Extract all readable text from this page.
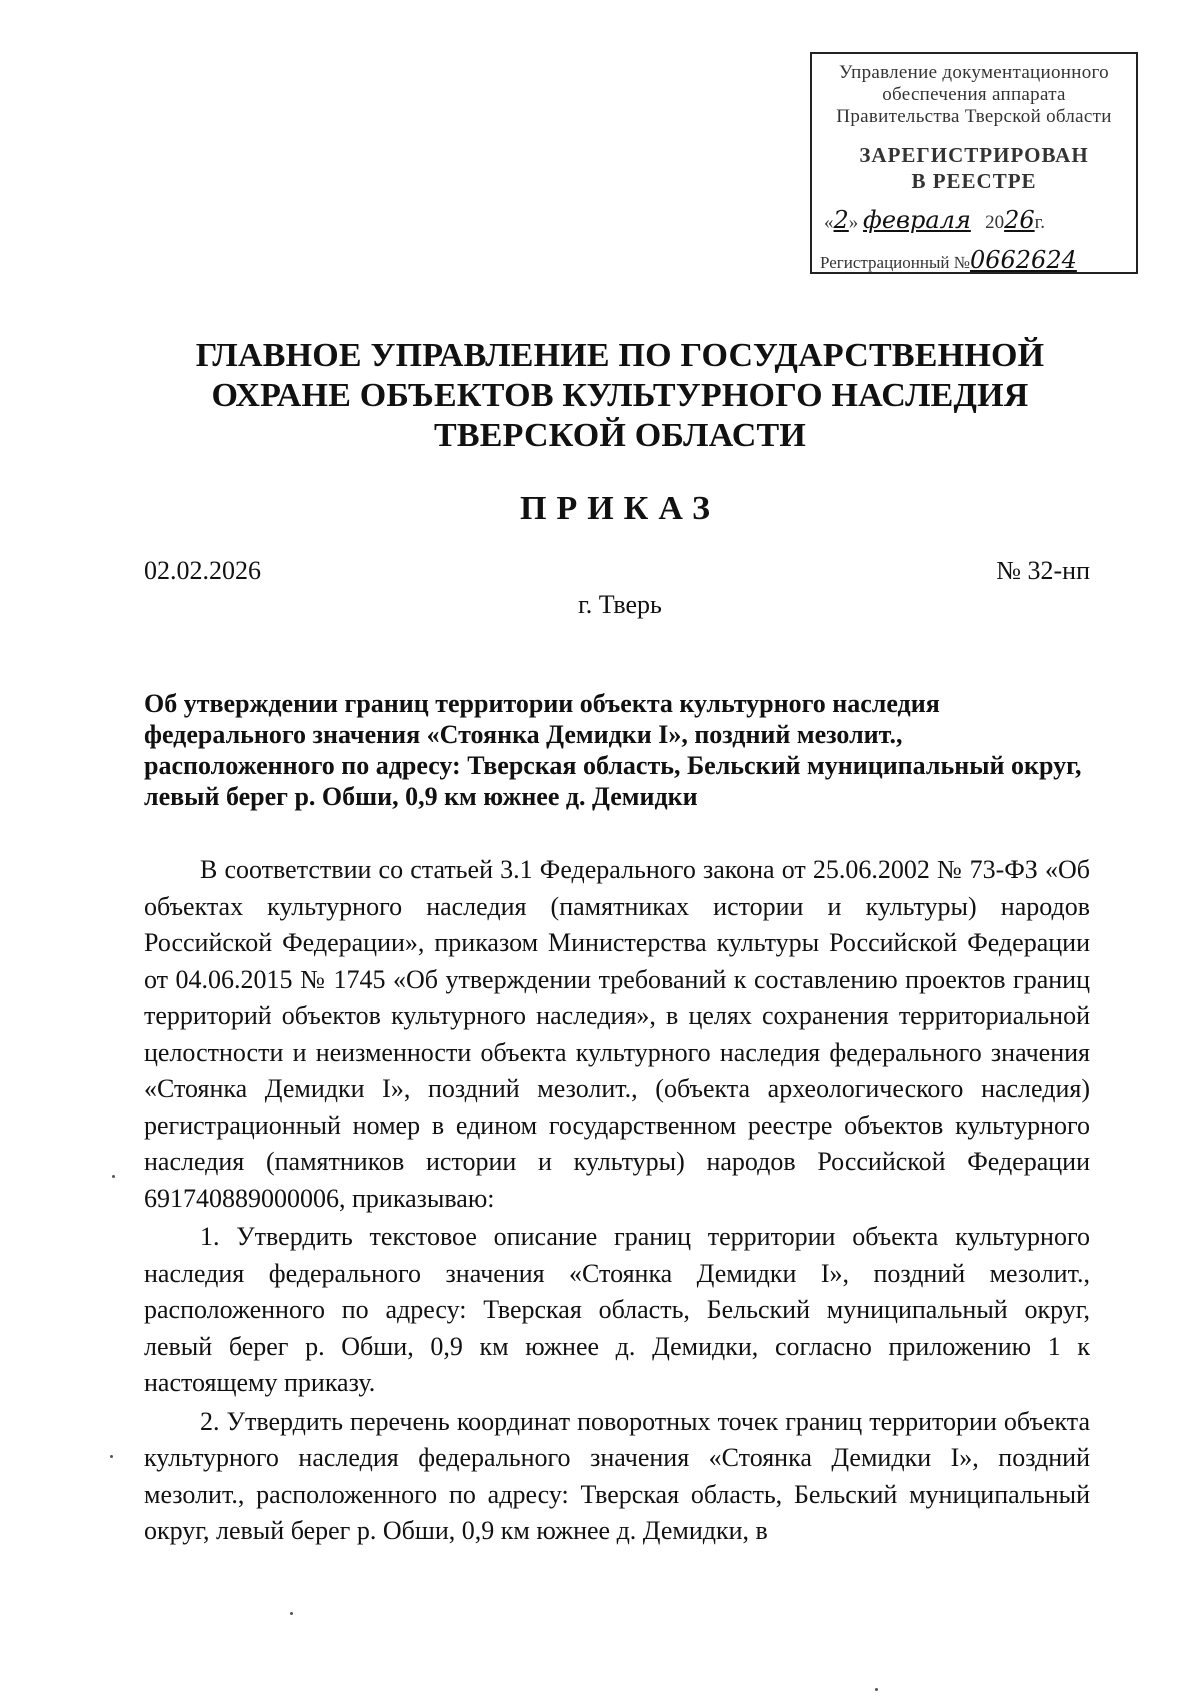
Управление документационного
обеспечения аппарата
Правительства Тверской области
ЗАРЕГИСТРИРОВАН
В РЕЕСТРЕ
«2» февраля 2026г.
Регистрационный №0662624
ГЛАВНОЕ УПРАВЛЕНИЕ ПО ГОСУДАРСТВЕННОЙ
ОХРАНЕ ОБЪЕКТОВ КУЛЬТУРНОГО НАСЛЕДИЯ
ТВЕРСКОЙ ОБЛАСТИ
ПРИКАЗ
02.02.2026	№ 32-нп
г. Тверь
Об утверждении границ территории объекта культурного наследия федерального значения «Стоянка Демидки I», поздний мезолит., расположенного по адресу: Тверская область, Бельский муниципальный округ, левый берег р. Обши, 0,9 км южнее д. Демидки

В соответствии со статьей 3.1 Федерального закона от 25.06.2002 № 73-ФЗ «Об объектах культурного наследия (памятниках истории и культуры) народов Российской Федерации», приказом Министерства культуры Российской Федерации от 04.06.2015 № 1745 «Об утверждении требований к составлению проектов границ территорий объектов культурного наследия», в целях сохранения территориальной целостности и неизменности объекта культурного наследия федерального значения «Стоянка Демидки I», поздний мезолит., (объекта археологического наследия) регистрационный номер в едином государственном реестре объектов культурного наследия (памятников истории и культуры) народов Российской Федерации 691740889000006, приказываю:

1. Утвердить текстовое описание границ территории объекта культурного наследия федерального значения «Стоянка Демидки I», поздний мезолит., расположенного по адресу: Тверская область, Бельский муниципальный округ, левый берег р. Обши, 0,9 км южнее д. Демидки, согласно приложению 1 к настоящему приказу.

2. Утвердить перечень координат поворотных точек границ территории объекта культурного наследия федерального значения «Стоянка Демидки I», поздний мезолит., расположенного по адресу: Тверская область, Бельский муниципальный округ, левый берег р. Обши, 0,9 км южнее д. Демидки, в
